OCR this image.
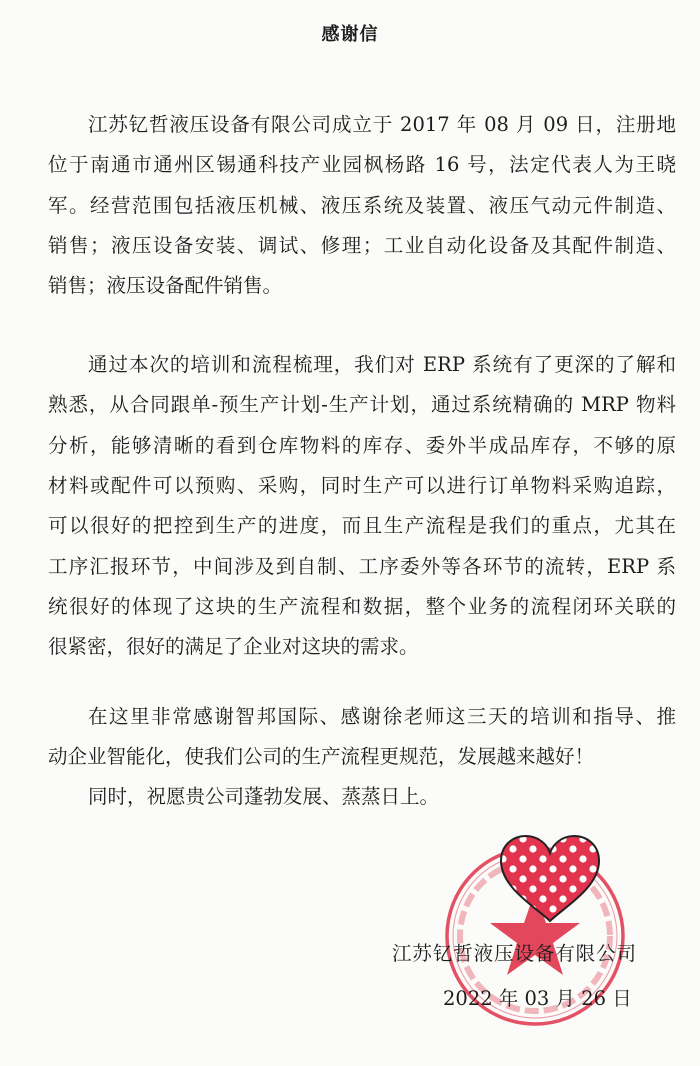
感谢信
江苏钇哲液压设备有限公司成立于 2017 年 08 月 09 日，注册地
位于南通市通州区锡通科技产业园枫杨路 16 号，法定代表人为王晓
军。经营范围包括液压机械、液压系统及装置、液压气动元件制造、
销售；液压设备安装、调试、修理；工业自动化设备及其配件制造、
销售；液压设备配件销售。
通过本次的培训和流程梳理，我们对 ERP 系统有了更深的了解和
熟悉，从合同跟单-预生产计划-生产计划，通过系统精确的 MRP 物料
分析，能够清晰的看到仓库物料的库存、委外半成品库存，不够的原
材料或配件可以预购、采购，同时生产可以进行订单物料采购追踪，
可以很好的把控到生产的进度，而且生产流程是我们的重点，尤其在
工序汇报环节，中间涉及到自制、工序委外等各环节的流转，ERP 系
统很好的体现了这块的生产流程和数据，整个业务的流程闭环关联的
很紧密，很好的满足了企业对这块的需求。
在这里非常感谢智邦国际、感谢徐老师这三天的培训和指导、推
动企业智能化，使我们公司的生产流程更规范，发展越来越好！
同时，祝愿贵公司蓬勃发展、蒸蒸日上。
江苏钇哲液压设备有限公司
2022 年 03 月 26 日
